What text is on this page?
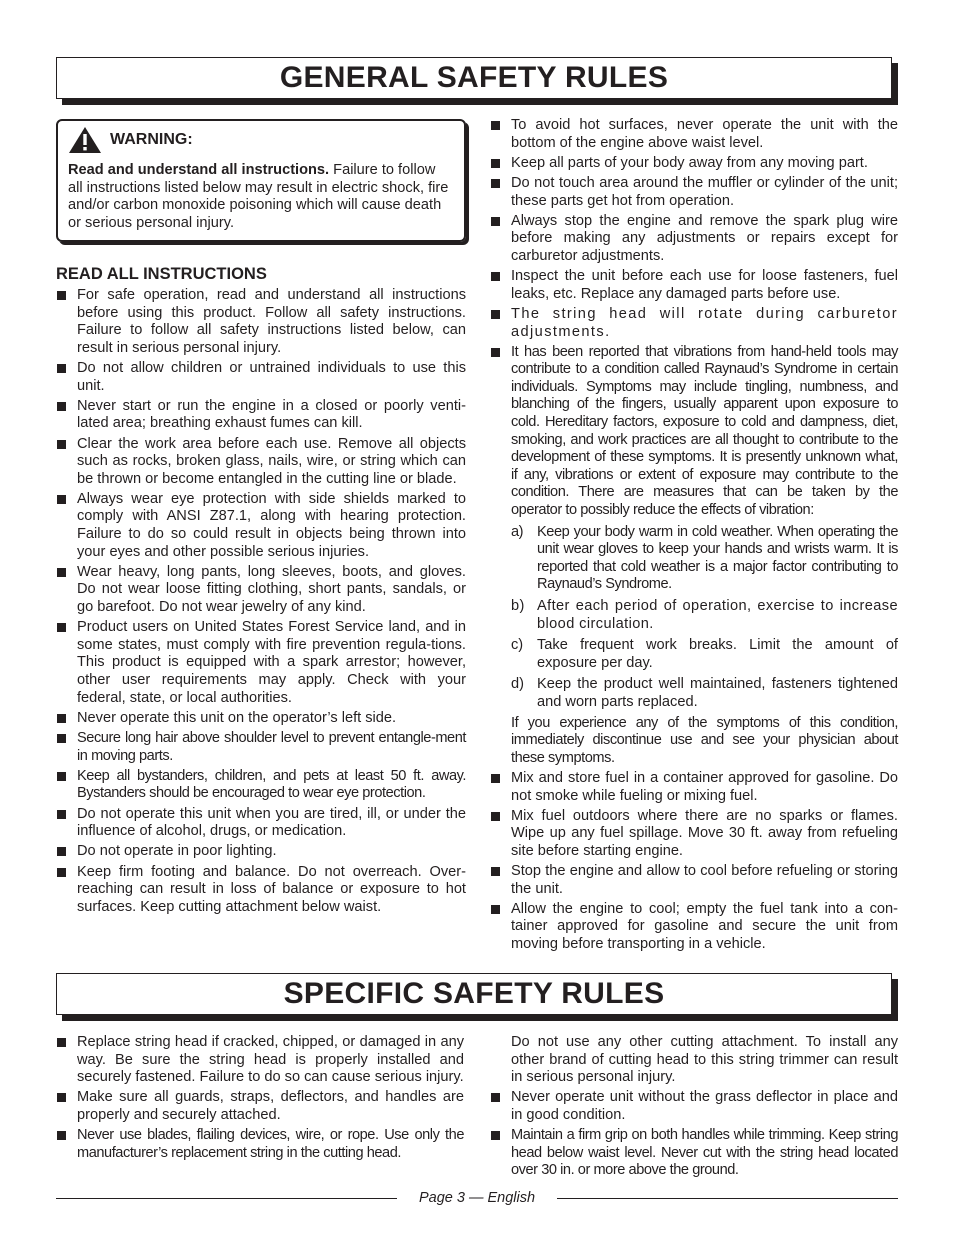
GENERAL SAFETY RULES
WARNING:
Read and understand all instructions. Failure to follow all instructions listed below may result in electric shock, fire and/or carbon monoxide poisoning which will cause death or serious personal injury.
READ ALL INSTRUCTIONS
For safe operation, read and understand all instructions before using this product. Follow all safety instructions. Failure to follow all safety instructions listed below, can result in serious personal injury.
Do not allow children or untrained individuals to use this unit.
Never start or run the engine in a closed or poorly venti-lated area; breathing exhaust fumes can kill.
Clear the work area before each use. Remove all objects such as rocks, broken glass, nails, wire, or string which can be thrown or become entangled in the cutting line or blade.
Always wear eye protection with side shields marked to comply with ANSI Z87.1, along with hearing protection. Failure to do so could result in objects being thrown into your eyes and other possible serious injuries.
Wear heavy, long pants, long sleeves, boots, and gloves. Do not wear loose fitting clothing, short pants, sandals, or go barefoot. Do not wear jewelry of any kind.
Product users on United States Forest Service land, and in some states, must comply with fire prevention regula-tions. This product is equipped with a spark arrestor; however, other user requirements may apply. Check with your federal, state, or local authorities.
Never operate this unit on the operator’s left side.
Secure long hair above shoulder level to prevent entangle-ment in moving parts.
Keep all bystanders, children, and pets at least 50 ft. away. Bystanders should be encouraged to wear eye protection.
Do not operate this unit when you are tired, ill, or under the influence of alcohol, drugs, or medication.
Do not operate in poor lighting.
Keep firm footing and balance. Do not overreach. Over-reaching can result in loss of balance or exposure to hot surfaces. Keep cutting attachment below waist.
To avoid hot surfaces, never operate the unit with the bottom of the engine above waist level.
Keep all parts of your body away from any moving part.
Do not touch area around the muffler or cylinder of the unit; these parts get hot from operation.
Always stop the engine and remove the spark plug wire before making any adjustments or repairs except for carburetor adjustments.
Inspect the unit before each use for loose fasteners, fuel leaks, etc. Replace any damaged parts before use.
The string head will rotate during carburetor adjustments.
It has been reported that vibrations from hand-held tools may contribute to a condition called Raynaud’s Syndrome in certain individuals. Symptoms may include tingling, numbness, and blanching of the fingers, usually apparent upon exposure to cold. Hereditary factors, exposure to cold and dampness, diet, smoking, and work practices are all thought to contribute to the development of these symptoms. It is presently unknown what, if any, vibrations or extent of exposure may contribute to the condition. There are measures that can be taken by the operator to possibly reduce the effects of vibration:
a) Keep your body warm in cold weather. When operating the unit wear gloves to keep your hands and wrists warm. It is reported that cold weather is a major factor contributing to Raynaud’s Syndrome.
b) After each period of operation, exercise to increase blood circulation.
c) Take frequent work breaks. Limit the amount of exposure per day.
d) Keep the product well maintained, fasteners tightened and worn parts replaced.
If you experience any of the symptoms of this condition, immediately discontinue use and see your physician about these symptoms.
Mix and store fuel in a container approved for gasoline. Do not smoke while fueling or mixing fuel.
Mix fuel outdoors where there are no sparks or flames. Wipe up any fuel spillage. Move 30 ft. away from refueling site before starting engine.
Stop the engine and allow to cool before refueling or storing the unit.
Allow the engine to cool; empty the fuel tank into a con-tainer approved for gasoline and secure the unit from moving before transporting in a vehicle.
SPECIFIC SAFETY RULES
Replace string head if cracked, chipped, or damaged in any way. Be sure the string head is properly installed and securely fastened. Failure to do so can cause serious injury.
Make sure all guards, straps, deflectors, and handles are properly and securely attached.
Never use blades, flailing devices, wire, or rope. Use only the manufacturer’s replacement string in the cutting head.
Do not use any other cutting attachment. To install any other brand of cutting head to this string trimmer can result in serious personal injury.
Never operate unit without the grass deflector in place and in good condition.
Maintain a firm grip on both handles while trimming. Keep string head below waist level. Never cut with the string head located over 30 in. or more above the ground.
Page 3 — English
